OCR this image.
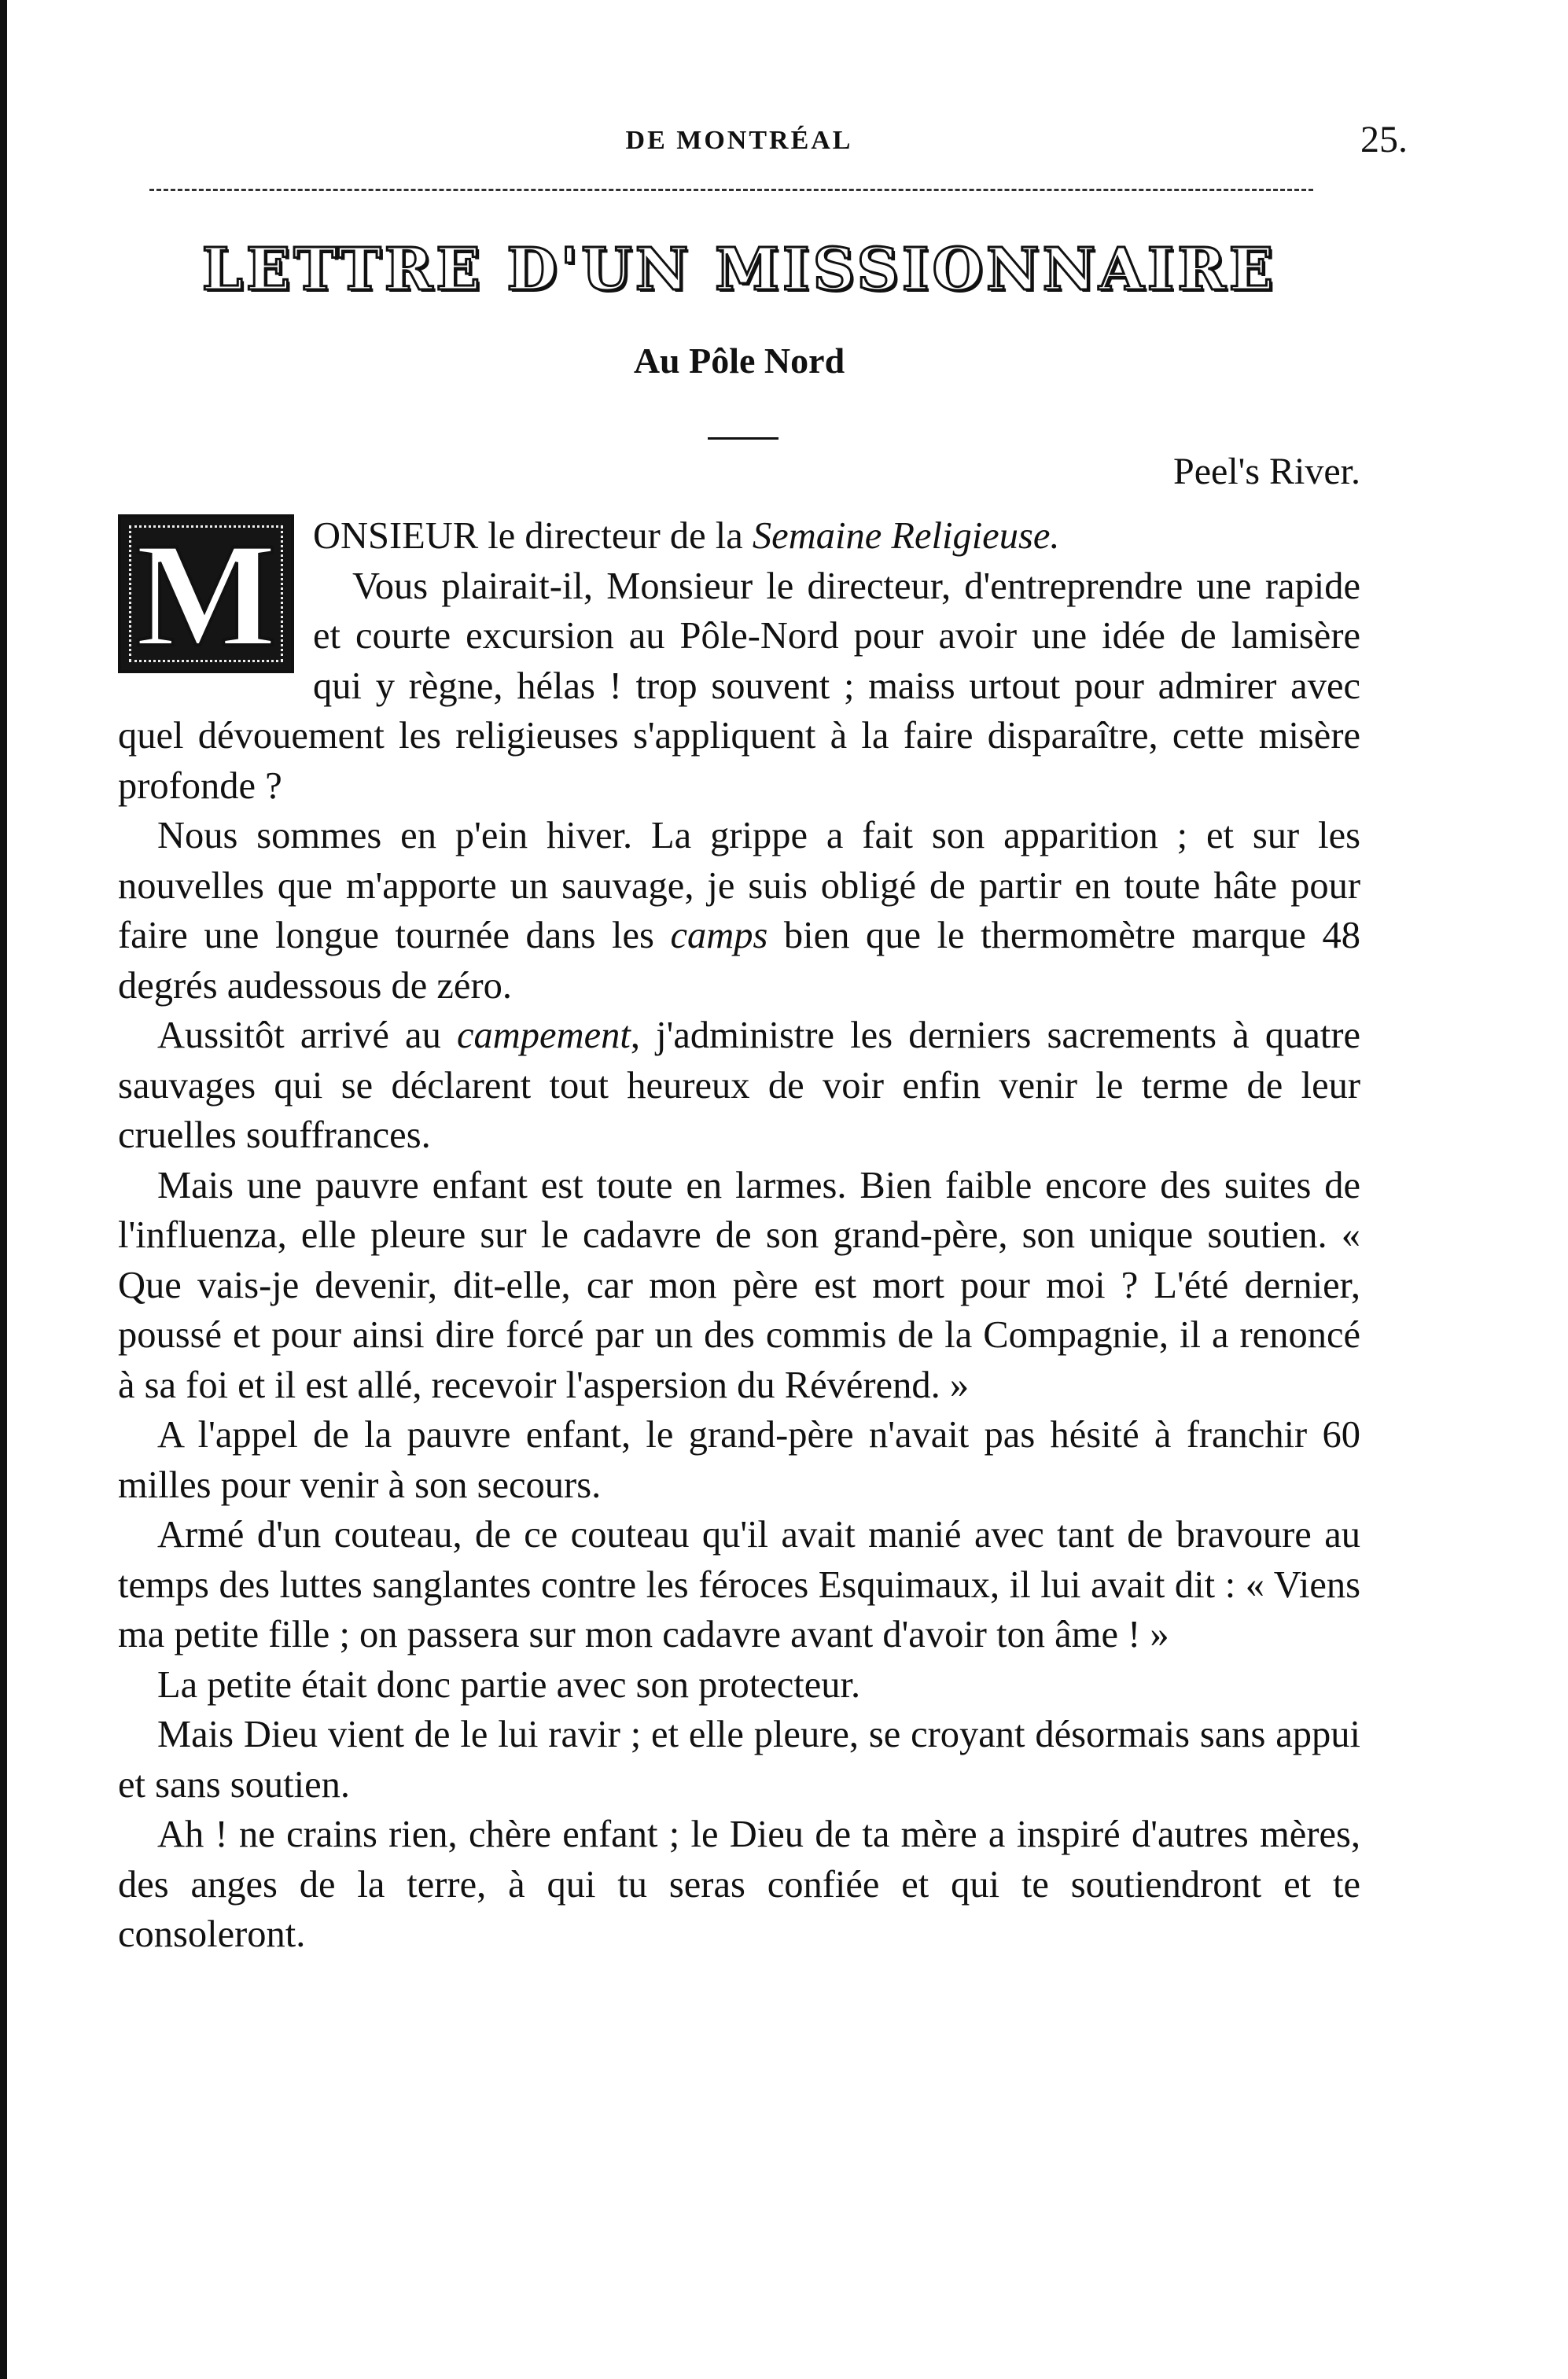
DE MONTRÉAL	25.
LETTRE D'UN MISSIONNAIRE
Au Pôle Nord
Peel's River.
M ONSIEUR le directeur de la Semaine Religieuse.

Vous plairait-il, Monsieur le directeur, d'entreprendre une rapide et courte excursion au Pôle-Nord pour avoir une idée de lamisère qui y règne, hélas ! trop souvent ; maiss urtout pour admirer avec quel dévouement les religieuses s'appliquent à la faire disparaître, cette misère profonde ?

Nous sommes en p'ein hiver. La grippe a fait son apparition ; et sur les nouvelles que m'apporte un sauvage, je suis obligé de partir en toute hâte pour faire une longue tournée dans les camps bien que le thermomètre marque 48 degrés audessous de zéro.

Aussitôt arrivé au campement, j'administre les derniers sacrements à quatre sauvages qui se déclarent tout heureux de voir enfin venir le terme de leur cruelles souffrances.

Mais une pauvre enfant est toute en larmes. Bien faible encore des suites de l'influenza, elle pleure sur le cadavre de son grand-père, son unique soutien. « Que vais-je devenir, dit-elle, car mon père est mort pour moi ? L'été dernier, poussé et pour ainsi dire forcé par un des commis de la Compagnie, il a renoncé à sa foi et il est allé, recevoir l'aspersion du Révérend. »

A l'appel de la pauvre enfant, le grand-père n'avait pas hésité à franchir 60 milles pour venir à son secours.

Armé d'un couteau, de ce couteau qu'il avait manié avec tant de bravoure au temps des luttes sanglantes contre les féroces Esquimaux, il lui avait dit : « Viens ma petite fille ; on passera sur mon cadavre avant d'avoir ton âme ! »

La petite était donc partie avec son protecteur.

Mais Dieu vient de le lui ravir ; et elle pleure, se croyant désormais sans appui et sans soutien.

Ah ! ne crains rien, chère enfant ; le Dieu de ta mère a inspiré d'autres mères, des anges de la terre, à qui tu seras confiée et qui te soutiendront et te consoleront.
